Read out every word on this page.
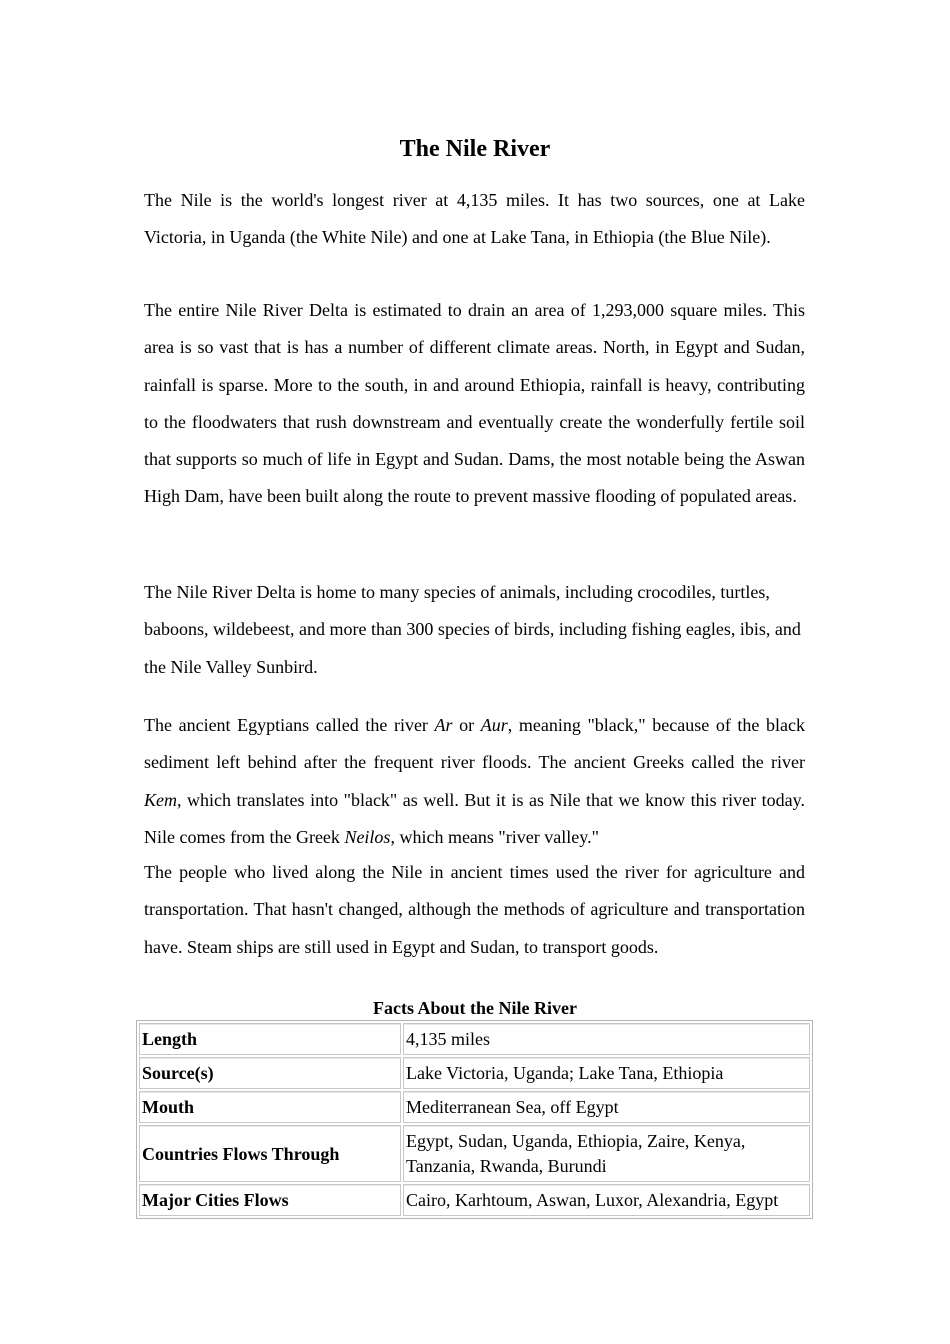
The Nile River

The Nile is the world's longest river at 4,135 miles. It has two sources, one at Lake Victoria, in Uganda (the White Nile) and one at Lake Tana, in Ethiopia (the Blue Nile).

The entire Nile River Delta is estimated to drain an area of 1,293,000 square miles. This area is so vast that is has a number of different climate areas. North, in Egypt and Sudan, rainfall is sparse. More to the south, in and around Ethiopia, rainfall is heavy, contributing to the floodwaters that rush downstream and eventually create the wonderfully fertile soil that supports so much of life in Egypt and Sudan. Dams, the most notable being the Aswan High Dam, have been built along the route to prevent massive flooding of populated areas.

The Nile River Delta is home to many species of animals, including crocodiles, turtles, baboons, wildebeest, and more than 300 species of birds, including fishing eagles, ibis, and the Nile Valley Sunbird.

The ancient Egyptians called the river Ar or Aur, meaning "black," because of the black sediment left behind after the frequent river floods. The ancient Greeks called the river Kem, which translates into "black" as well. But it is as Nile that we know this river today. Nile comes from the Greek Neilos, which means "river valley."

The people who lived along the Nile in ancient times used the river for agriculture and transportation. That hasn't changed, although the methods of agriculture and transportation have. Steam ships are still used in Egypt and Sudan, to transport goods.

Facts About the Nile River
Length	4,135 miles
Source(s)	Lake Victoria, Uganda; Lake Tana, Ethiopia
Mouth	Mediterranean Sea, off Egypt
Countries Flows Through	Egypt, Sudan, Uganda, Ethiopia, Zaire, Kenya, Tanzania, Rwanda, Burundi
Major Cities Flows	Cairo, Karhtoum, Aswan, Luxor, Alexandria, Egypt
